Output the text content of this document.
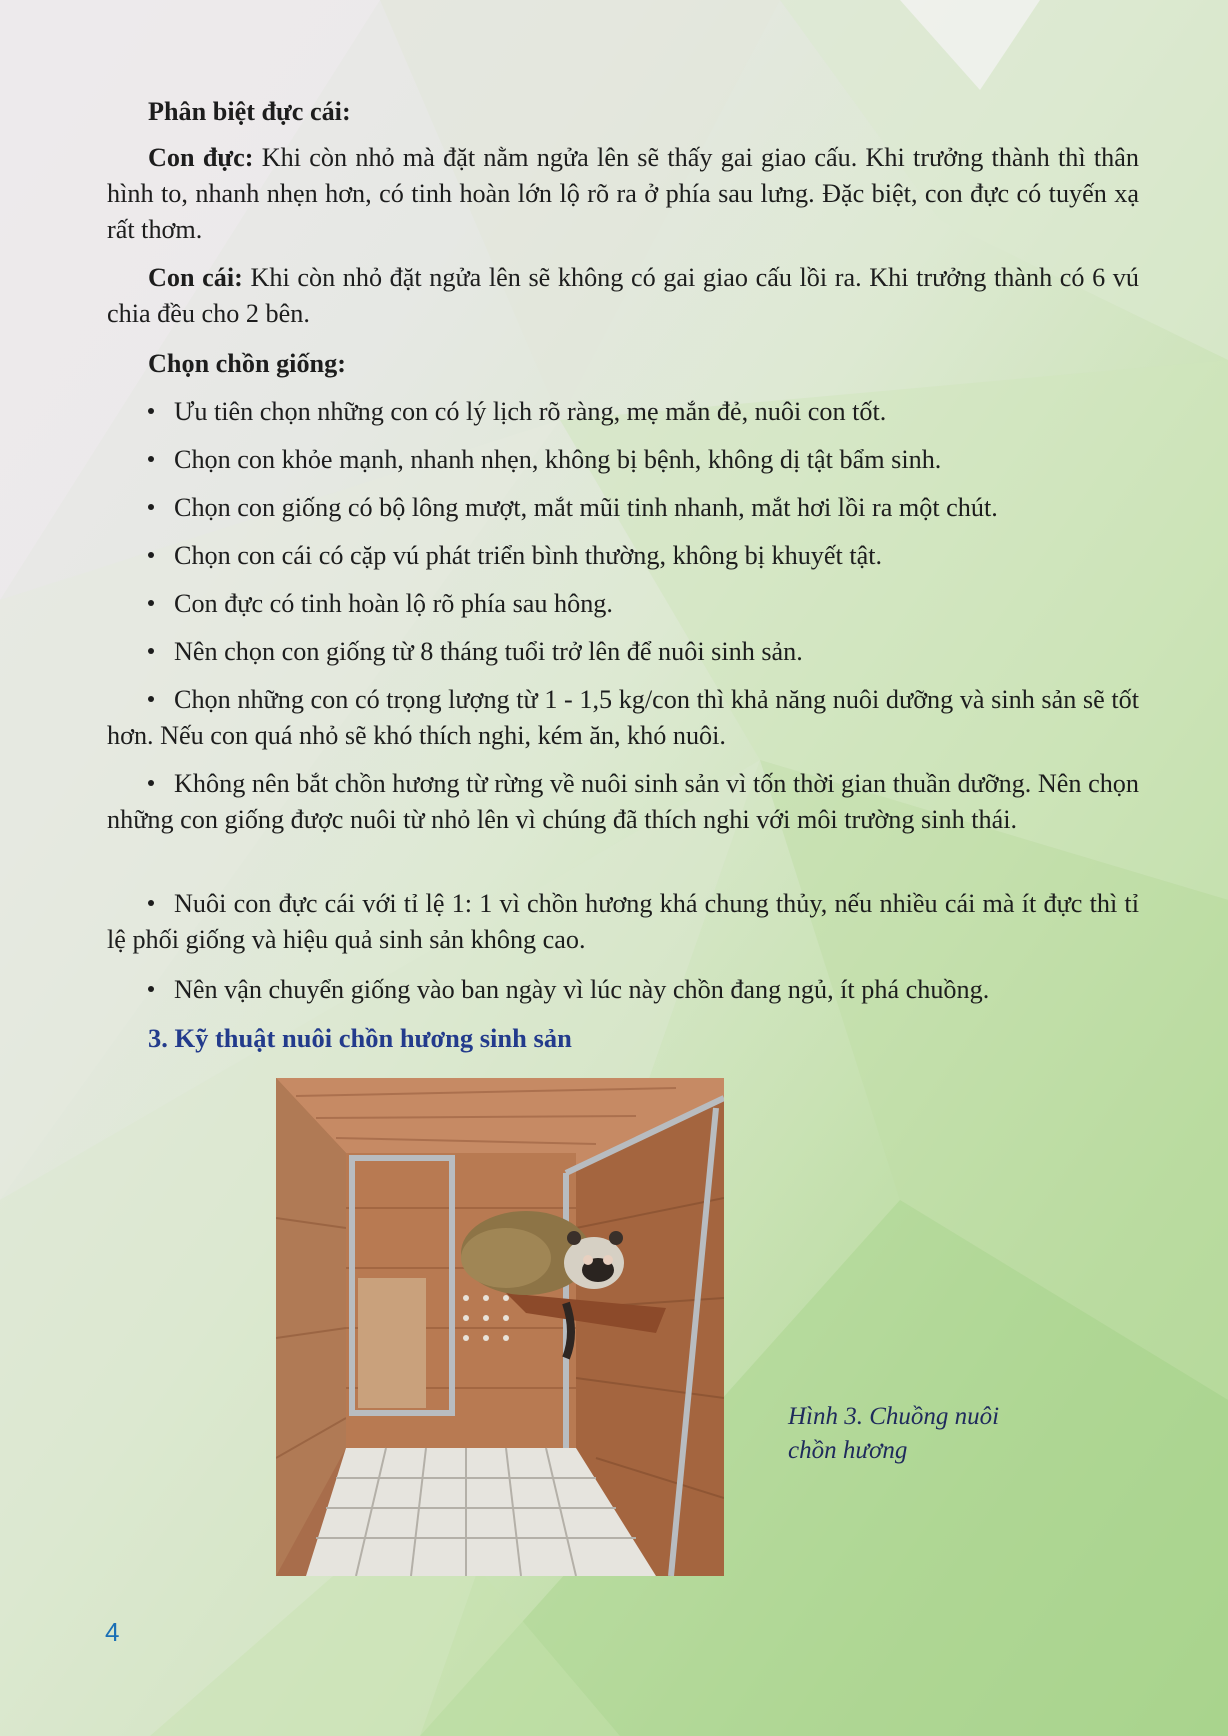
Phân biệt đực cái:

Con đực: Khi còn nhỏ mà đặt nằm ngửa lên sẽ thấy gai giao cấu. Khi trưởng thành thì thân hình to, nhanh nhẹn hơn, có tinh hoàn lớn lộ rõ ra ở phía sau lưng. Đặc biệt, con đực có tuyến xạ rất thơm.

Con cái: Khi còn nhỏ đặt ngửa lên sẽ không có gai giao cấu lồi ra. Khi trưởng thành có 6 vú chia đều cho 2 bên.

Chọn chồn giống:

Ưu tiên chọn những con có lý lịch rõ ràng, mẹ mắn đẻ, nuôi con tốt.

Chọn con khỏe mạnh, nhanh nhẹn, không bị bệnh, không dị tật bẩm sinh.

Chọn con giống có bộ lông mượt, mắt mũi tinh nhanh, mắt hơi lồi ra một chút.

Chọn con cái có cặp vú phát triển bình thường, không bị khuyết tật.

Con đực có tinh hoàn lộ rõ phía sau hông.

Nên chọn con giống từ 8 tháng tuổi trở lên để nuôi sinh sản.

Chọn những con có trọng lượng từ 1 - 1,5 kg/con thì khả năng nuôi dưỡng và sinh sản sẽ tốt hơn. Nếu con quá nhỏ sẽ khó thích nghi, kém ăn, khó nuôi.

Không nên bắt chồn hương từ rừng về nuôi sinh sản vì tốn thời gian thuần dưỡng. Nên chọn những con giống được nuôi từ nhỏ lên vì chúng đã thích nghi với môi trường sinh thái.

Nuôi con đực cái với tỉ lệ 1: 1 vì chồn hương khá chung thủy, nếu nhiều cái mà ít đực thì tỉ lệ phối giống và hiệu quả sinh sản không cao.

Nên vận chuyển giống vào ban ngày vì lúc này chồn đang ngủ, ít phá chuồng.

3. Kỹ thuật nuôi chồn hương sinh sản
Hình 3. Chuồng nuôi chồn hương
4
